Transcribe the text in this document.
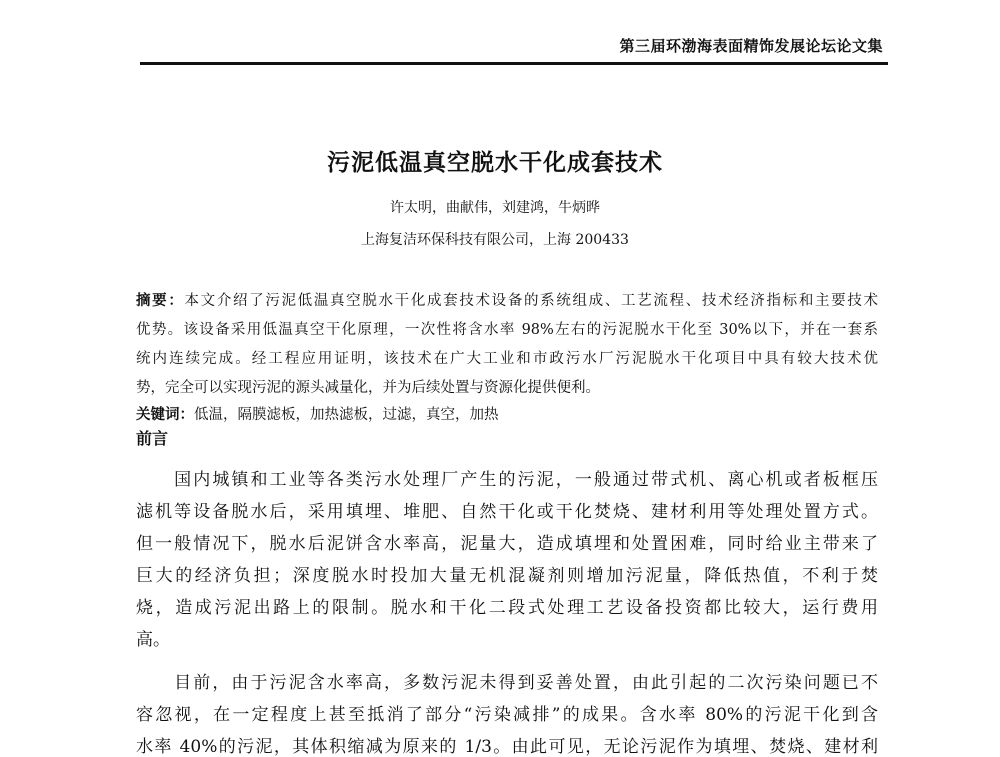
第三届环渤海表面精饰发展论坛论文集
污泥低温真空脱水干化成套技术
许太明，曲献伟，刘建鸿，牛炳晔
上海复洁环保科技有限公司，上海 200433
摘要：本文介绍了污泥低温真空脱水干化成套技术设备的系统组成、工艺流程、技术经济指标和主要技术
优势。该设备采用低温真空干化原理，一次性将含水率 98%左右的污泥脱水干化至 30%以下，并在一套系
统内连续完成。经工程应用证明，该技术在广大工业和市政污水厂污泥脱水干化项目中具有较大技术优
势，完全可以实现污泥的源头减量化，并为后续处置与资源化提供便利。
关键词：低温，隔膜滤板，加热滤板，过滤，真空，加热
前言
　　国内城镇和工业等各类污水处理厂产生的污泥，一般通过带式机、离心机或者板框压
滤机等设备脱水后，采用填埋、堆肥、自然干化或干化焚烧、建材利用等处理处置方式。
但一般情况下，脱水后泥饼含水率高，泥量大，造成填埋和处置困难，同时给业主带来了
巨大的经济负担；深度脱水时投加大量无机混凝剂则增加污泥量，降低热值，不利于焚
烧，造成污泥出路上的限制。脱水和干化二段式处理工艺设备投资都比较大，运行费用
高。
　　目前，由于污泥含水率高，多数污泥未得到妥善处置，由此引起的二次污染问题已不
容忽视，在一定程度上甚至抵消了部分“污染减排”的成果。含水率 80%的污泥干化到含
水率 40%的污泥，其体积缩减为原来的 1/3。由此可见，无论污泥作为填埋、焚烧、建材利
